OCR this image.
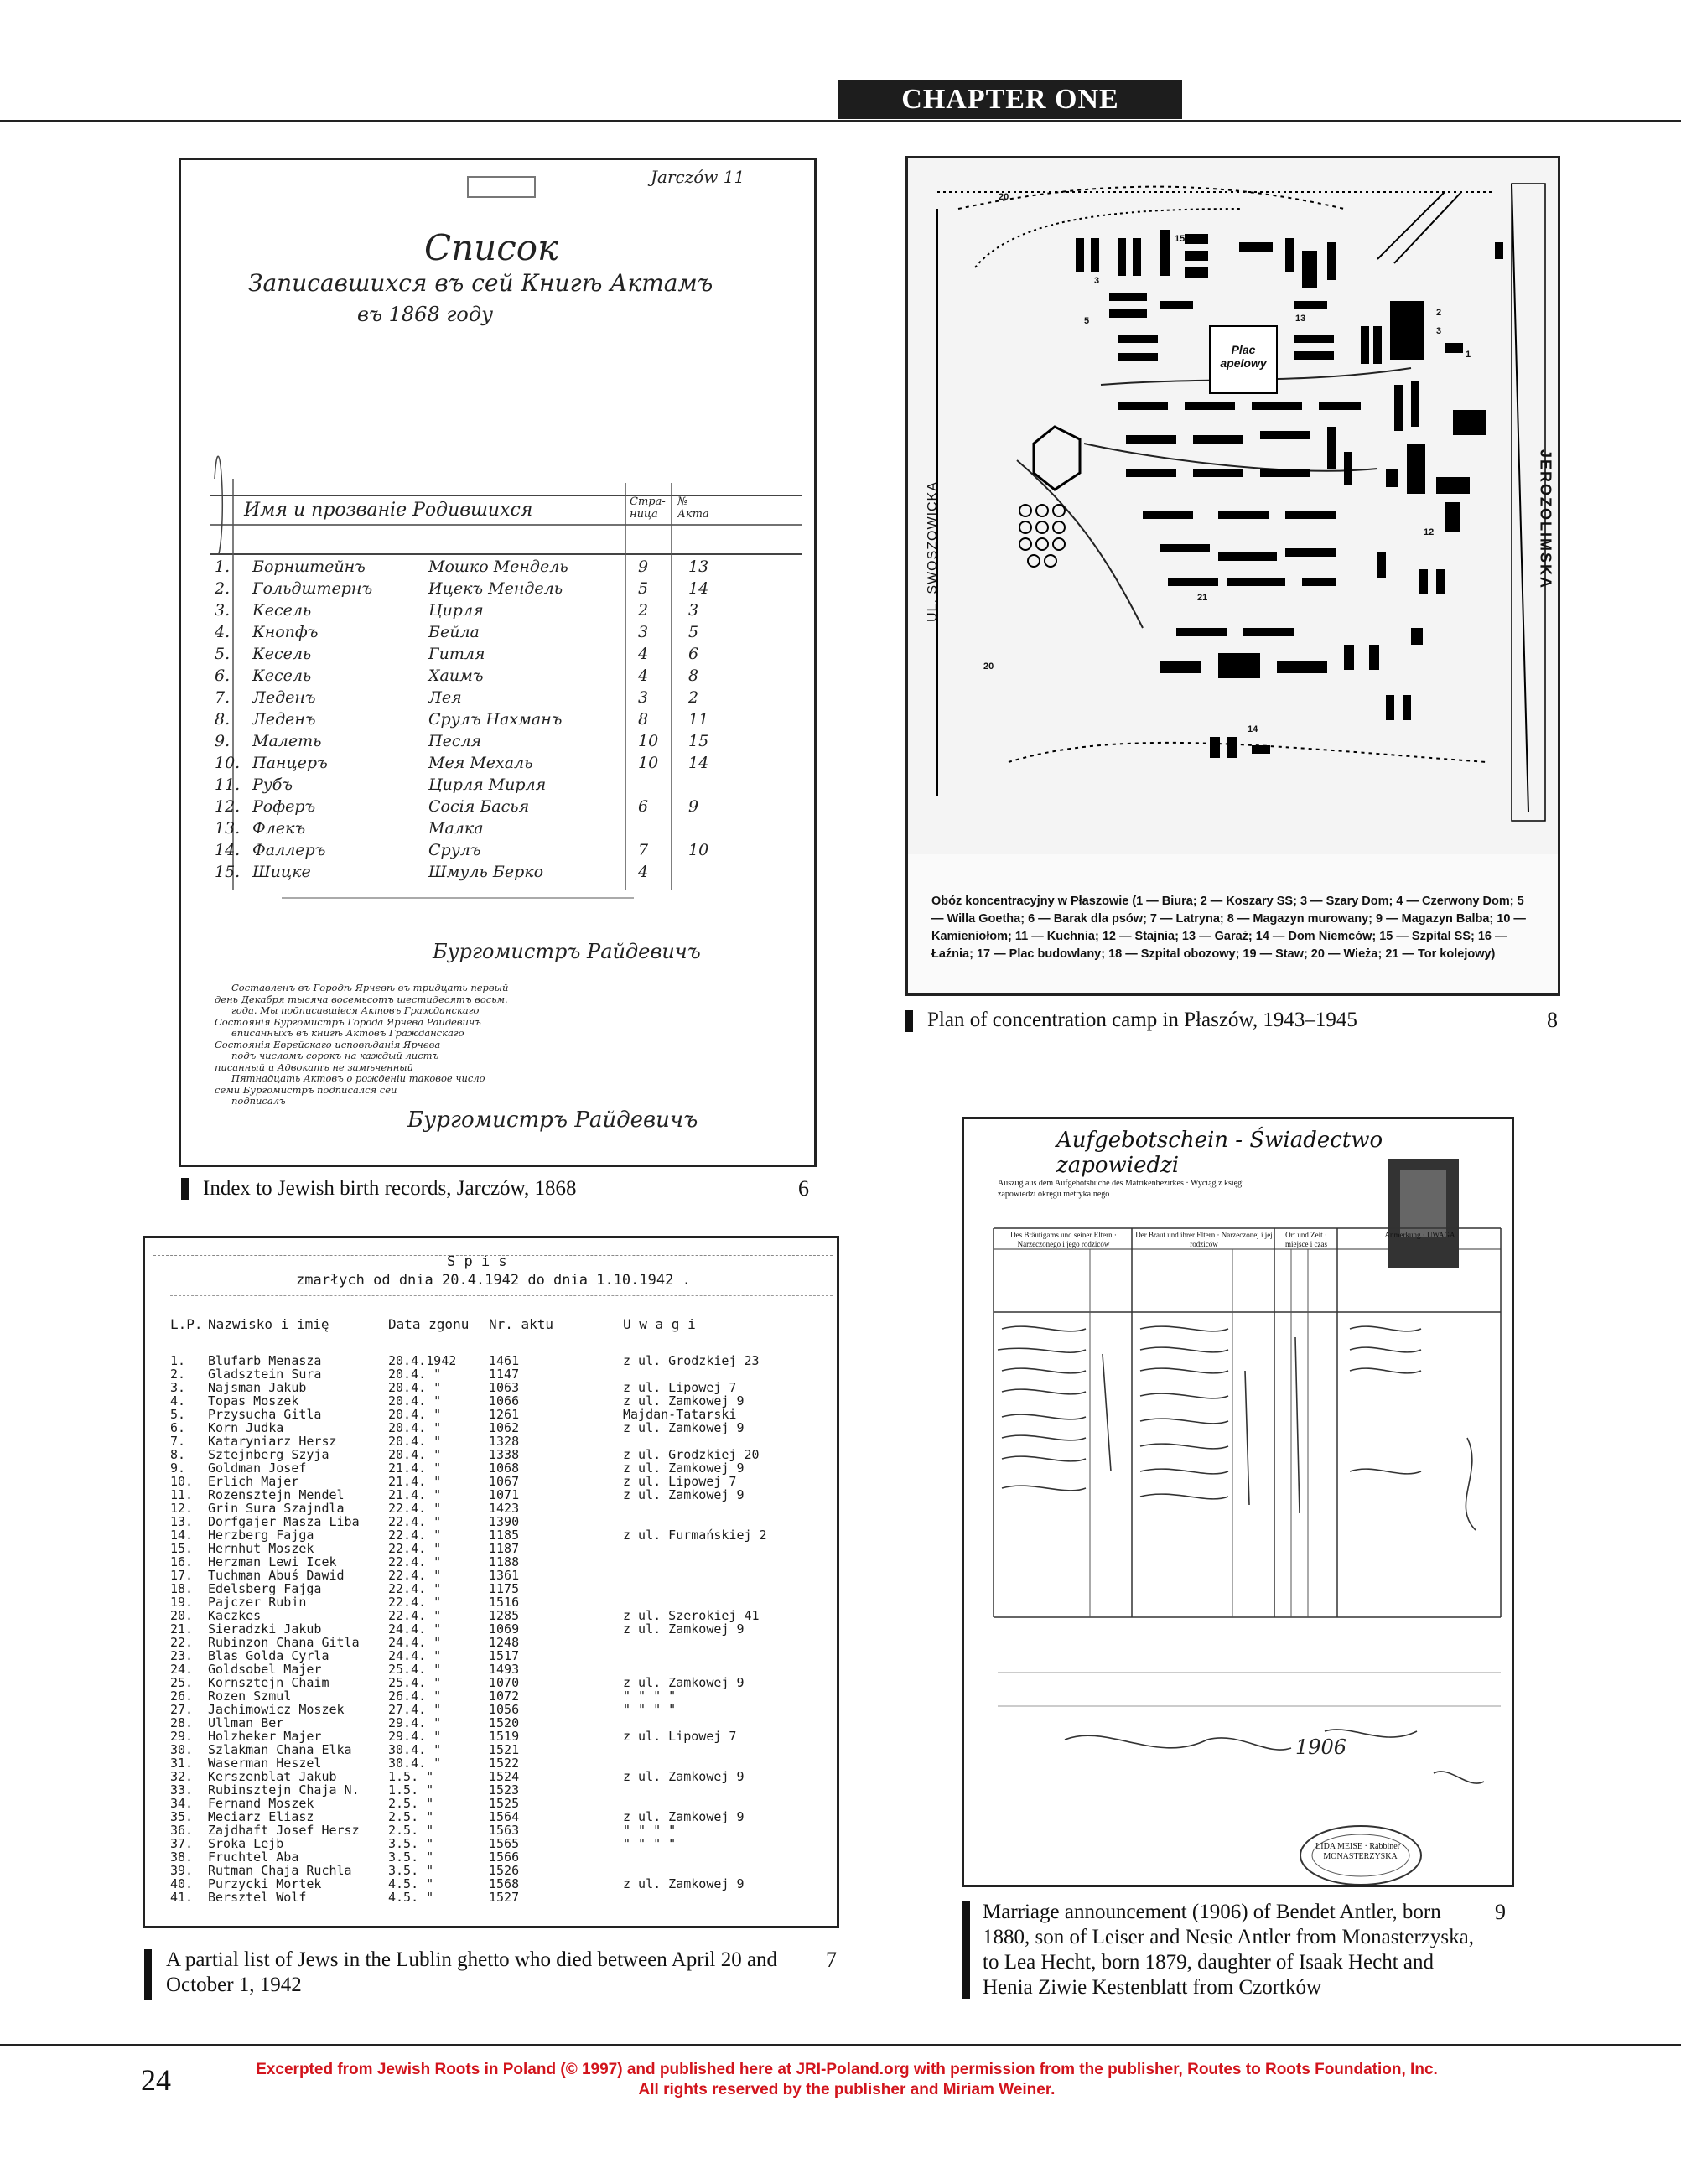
CHAPTER ONE
Jarczów 11
Список
Записавшихся въ сей Книгѣ Актамъ
въ 1868 году
Имя и прозваніе Родившихся	Стра- ница
№ Акта
1. Борнштейнъ	Мошко Мендель	9	13
2. Гольдштернъ	Ицекъ Мендель	5	14
3. Кесель	Цирля	2	3
4. Кнопфъ	Бейла	3	5
5. Кесель	Гитля	4	6
6. Кесель	Хаимъ	4	8
7. Леденъ	Лея	3	2
8. Леденъ	Срулъ Нахманъ	8	11
9. Малеть	Песля	10 15
10. Панцеръ	Мея Мехаль	10 14
11. Рубъ	Цирля Мирля
12. Рoферъ	Сосія Басья	6	9
13. Флекъ	Малка
14. Фаллеръ	Срулъ	7	10
15. Шицке	Шмуль Берко	4
Бургомистръ Райдевичъ
Составленъ въ Городѣ Ярчевѣ въ тридцать первый
день Декабря тысяча восемьсотъ шестидесятъ восьм.
года. Мы подписавшіеся Актовъ Гражданскаго
Состоянія Бургомистръ Города Ярчева Райдевичъ
вписанныхъ въ книгѣ Актовъ Гражданскаго
Состоянія Еврейскаго исповѣданія Ярчева
подъ числомъ сорокъ на каждый листъ
писанный и Адвокатъ не замѣченный
Пятнадцать Актовъ о рожденіи таковое число
семи Бургомистръ подписался сей
подписалъ
Бургомистръ Райдевичъ
Index to Jewish birth records, Jarczów, 1868	6
Plac apelowy
UL. SWOSZOWICKA	JEROZOLIMSKA
20
15
3
5	13
2
3
1
12
21
20
14
Obóz koncentracyjny w Płaszowie (1 — Biura; 2 — Koszary SS; 3 — Szary Dom; 4 — Czerwony Dom; 5 — Willa Goetha; 6 — Barak dla psów; 7 — Latryna; 8 — Magazyn murowany; 9 — Magazyn Balba; 10 — Kamieniołom; 11 — Kuchnia; 12 — Stajnia; 13 — Garaż; 14 — Dom Niemców; 15 — Szpital SS; 16 — Łaźnia; 17 — Plac budowlany; 18 — Szpital obozowy; 19 — Staw; 20 — Wieża; 21 — Tor kolejowy)
Plan of concentration camp in Płaszów, 1943–1945	8
S p i s
zmarłych od dnia 20.4.1942 do dnia 1.10.1942 .
L.P. Nazwisko i imię	Data zgonu Nr. aktu	U w a g i
1. Blufarb Menasza	20.4.1942	1461	z ul. Grodzkiej 23
2. Gladsztein Sura	20.4. "	1147
3. Najsman Jakub	20.4. "	1063	z ul. Lipowej 7
4. Topas Moszek	20.4. "	1066	z ul. Zamkowej 9
5. Przysucha Gitla	20.4. "	1261	Majdan-Tatarski
6. Korn Judka	20.4. "	1062	z ul. Zamkowej 9
7. Kataryniarz Hersz	20.4. "	1328
8. Sztejnberg Szyja	20.4. "	1338	z ul. Grodzkiej 20
9. Goldman Josef	21.4. "	1068	z ul. Zamkowej 9
10. Erlich Majer	21.4. "	1067	z ul. Lipowej 7
11. Rozensztejn Mendel	21.4. "	1071	z ul. Zamkowej 9
12. Grin Sura Szajndla	22.4. "	1423
13. Dorfgajer Masza Liba 22.4. "	1390
14. Herzberg Fajga	22.4. "	1185	z ul. Furmańskiej 2
15. Hernhut Moszek	22.4. "	1187
16. Herzman Lewi Icek	22.4. "	1188
17. Tuchman Abuś Dawid	22.4. "	1361
18. Edelsberg Fajga	22.4. "	1175
19. Pajczer Rubin	22.4. "	1516
20. Kaczkes	22.4. "	1285	z ul. Szerokiej 41
21. Sieradzki Jakub	24.4. "	1069	z ul. Zamkowej 9
22. Rubinzon Chana Gitla 24.4. "	1248
23. Blas Golda Cyrla	24.4. "	1517
24. Goldsobel Majer	25.4. "	1493
25. Kornsztejn Chaim	25.4. "	1070	z ul. Zamkowej 9
26. Rozen Szmul	26.4. "	1072	" " " "
27. Jachimowicz Moszek	27.4. "	1056	" " " "
28. Ullman Ber	29.4. "	1520
29. Holzheker Majer	29.4. "	1519	z ul. Lipowej 7
30. Szlakman Chana Elka	30.4. "	1521
31. Waserman Heszel	30.4. "	1522
32. Kerszenblat Jakub	1.5. "	1524	z ul. Zamkowej 9
33. Rubinsztejn Chaja N. 1.5. "	1523
34. Fernand Moszek	2.5. "	1525
35. Meciarz Eliasz	2.5. "	1564	z ul. Zamkowej 9
36. Zajdhaft Josef Hersz 2.5. "	1563	" " " "
37. Sroka Lejb	3.5. "	1565	" " " "
38. Fruchtel Aba	3.5. "	1566
39. Rutman Chaja Ruchla	3.5. "	1526
40. Purzycki Mortek	4.5. "	1568	z ul. Zamkowej 9
41. Bersztel Wolf	4.5. "	1527
A partial list of Jews in the Lublin ghetto who died between April 20 and
October 1, 1942
7
Aufgebotschein - Świadectwo zapowiedzi
Auszug aus dem Aufgebotsbuche des Matrikenbezirkes · Wyciąg z księgi zapowiedzi okręgu metrykalnego
Des Bräutigams und seiner Eltern · Narzeczonego i jego rodziców
Der Braut und ihrer Eltern · Narzeczonej i jej rodziców
Ort und Zeit · miejsce i czas
Anmerkung · UWAGA
1906
LIDA MEISE · Rabbiner · MONASTERZYSKA
Marriage announcement (1906) of Bendet Antler, born
1880, son of Leiser and Nesie Antler from Monasterzyska,
to Lea Hecht, born 1879, daughter of Isaak Hecht and
Henia Ziwie Kestenblatt from Czortków
9
24	Excerpted from Jewish Roots in Poland (© 1997) and published here at JRI-Poland.org with permission from the publisher, Routes to Roots Foundation, Inc.
All rights reserved by the publisher and Miriam Weiner.
